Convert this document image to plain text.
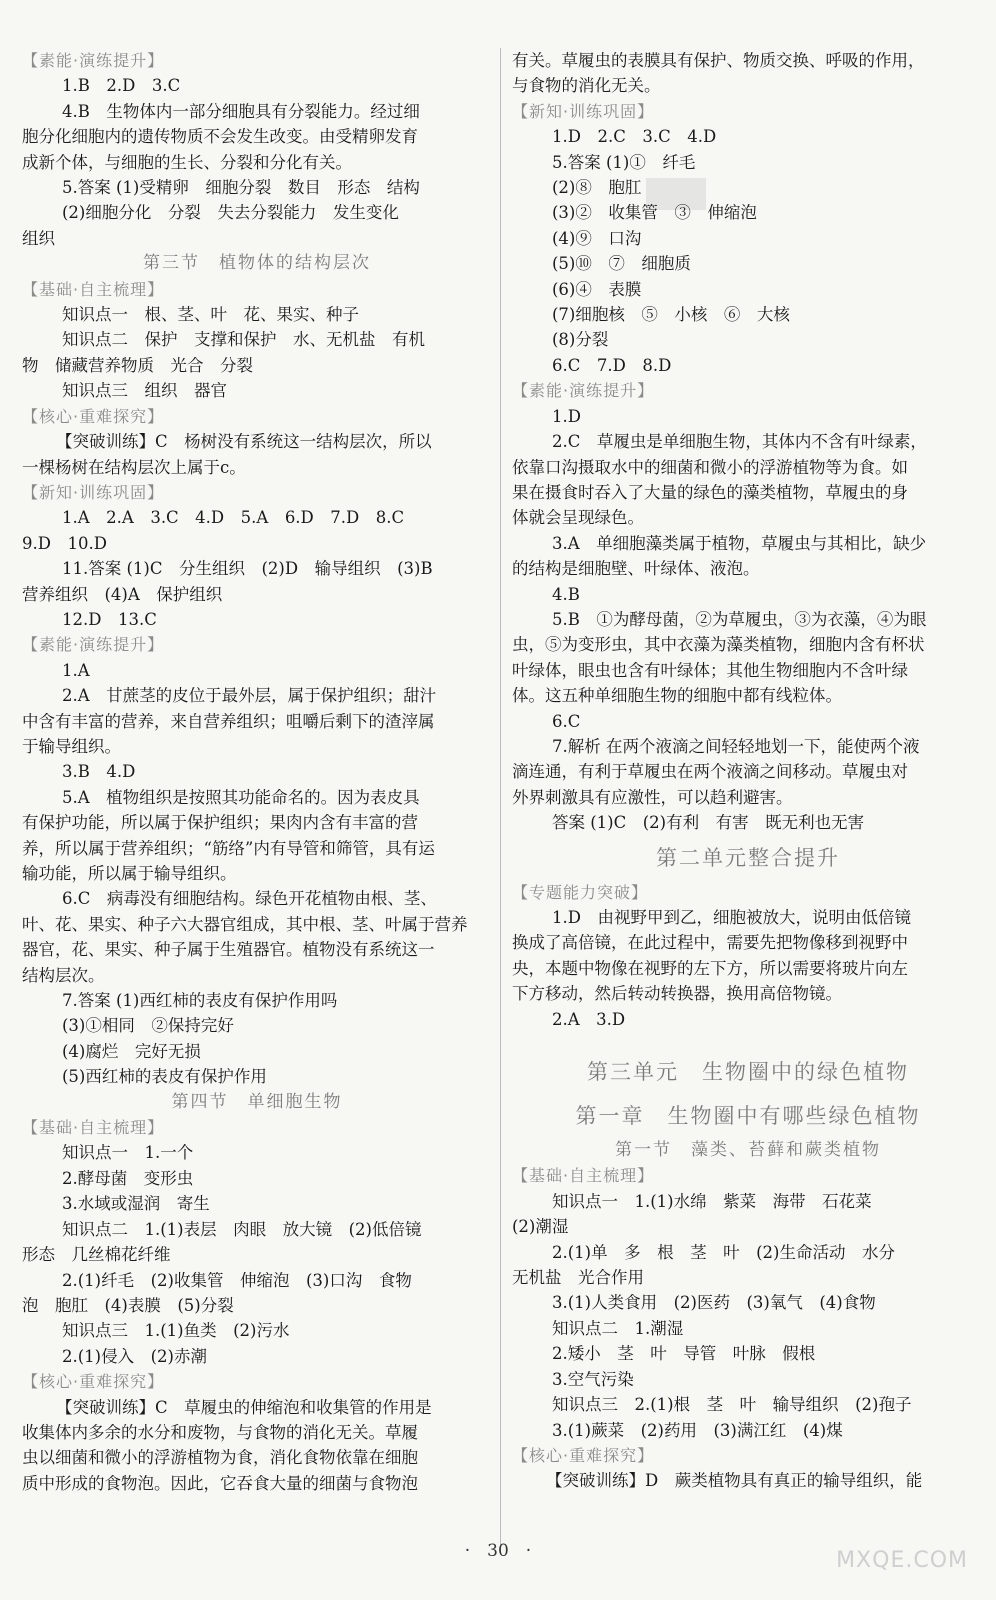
【素能·演练提升】
1.B　2.D　3.C
4.B　生物体内一部分细胞具有分裂能力。经过细
胞分化细胞内的遗传物质不会发生改变。由受精卵发育
成新个体，与细胞的生长、分裂和分化有关。
5.答案 (1)受精卵　细胞分裂　数目　形态　结构
(2)细胞分化　分裂　失去分裂能力　发生变化
组织
第三节　植物体的结构层次
【基础·自主梳理】
知识点一　根、茎、叶　花、果实、种子
知识点二　保护　支撑和保护　水、无机盐　有机
物　储藏营养物质　光合　分裂
知识点三　组织　器官
【核心·重难探究】
【突破训练】C　杨树没有系统这一结构层次，所以
一棵杨树在结构层次上属于c。
【新知·训练巩固】
1.A　2.A　3.C　4.D　5.A　6.D　7.D　8.C
9.D　10.D
11.答案 (1)C　分生组织　(2)D　输导组织　(3)B
营养组织　(4)A　保护组织
12.D　13.C
【素能·演练提升】
1.A
2.A　甘蔗茎的皮位于最外层，属于保护组织；甜汁
中含有丰富的营养，来自营养组织；咀嚼后剩下的渣滓属
于输导组织。
3.B　4.D
5.A　植物组织是按照其功能命名的。因为表皮具
有保护功能，所以属于保护组织；果肉内含有丰富的营
养，所以属于营养组织；“筋络”内有导管和筛管，具有运
输功能，所以属于输导组织。
6.C　病毒没有细胞结构。绿色开花植物由根、茎、
叶、花、果实、种子六大器官组成，其中根、茎、叶属于营养
器官，花、果实、种子属于生殖器官。植物没有系统这一
结构层次。
7.答案 (1)西红柿的表皮有保护作用吗
(3)①相同　②保持完好
(4)腐烂　完好无损
(5)西红柿的表皮有保护作用
第四节　单细胞生物
【基础·自主梳理】
知识点一　1.一个
2.酵母菌　变形虫
3.水域或湿润　寄生
知识点二　1.(1)表层　肉眼　放大镜　(2)低倍镜
形态　几丝棉花纤维
2.(1)纤毛　(2)收集管　伸缩泡　(3)口沟　食物
泡　胞肛　(4)表膜　(5)分裂
知识点三　1.(1)鱼类　(2)污水
2.(1)侵入　(2)赤潮
【核心·重难探究】
【突破训练】C　草履虫的伸缩泡和收集管的作用是
收集体内多余的水分和废物，与食物的消化无关。草履
虫以细菌和微小的浮游植物为食，消化食物依靠在细胞
质中形成的食物泡。因此，它吞食大量的细菌与食物泡
有关。草履虫的表膜具有保护、物质交换、呼吸的作用，
与食物的消化无关。
【新知·训练巩固】
1.D　2.C　3.C　4.D
5.答案 (1)①　纤毛
(2)⑧　胞肛
(3)②　收集管　③　伸缩泡
(4)⑨　口沟
(5)⑩　⑦　细胞质
(6)④　表膜
(7)细胞核　⑤　小核　⑥　大核
(8)分裂
6.C　7.D　8.D
【素能·演练提升】
1.D
2.C　草履虫是单细胞生物，其体内不含有叶绿素，
依靠口沟摄取水中的细菌和微小的浮游植物等为食。如
果在摄食时吞入了大量的绿色的藻类植物，草履虫的身
体就会呈现绿色。
3.A　单细胞藻类属于植物，草履虫与其相比，缺少
的结构是细胞壁、叶绿体、液泡。
4.B
5.B　①为酵母菌，②为草履虫，③为衣藻，④为眼
虫，⑤为变形虫，其中衣藻为藻类植物，细胞内含有杯状
叶绿体，眼虫也含有叶绿体；其他生物细胞内不含叶绿
体。这五种单细胞生物的细胞中都有线粒体。
6.C
7.解析 在两个液滴之间轻轻地划一下，能使两个液
滴连通，有利于草履虫在两个液滴之间移动。草履虫对
外界刺激具有应激性，可以趋利避害。
答案 (1)C　(2)有利　有害　既无利也无害
第二单元整合提升
【专题能力突破】
1.D　由视野甲到乙，细胞被放大，说明由低倍镜
换成了高倍镜，在此过程中，需要先把物像移到视野中
央，本题中物像在视野的左下方，所以需要将玻片向左
下方移动，然后转动转换器，换用高倍物镜。
2.A　3.D
第三单元　生物圈中的绿色植物
第一章　生物圈中有哪些绿色植物
第一节　藻类、苔藓和蕨类植物
【基础·自主梳理】
知识点一　1.(1)水绵　紫菜　海带　石花菜
(2)潮湿
2.(1)单　多　根　茎　叶　(2)生命活动　水分
无机盐　光合作用
3.(1)人类食用　(2)医药　(3)氧气　(4)食物
知识点二　1.潮湿
2.矮小　茎　叶　导管　叶脉　假根
3.空气污染
知识点三　2.(1)根　茎　叶　输导组织　(2)孢子
3.(1)蕨菜　(2)药用　(3)满江红　(4)煤
【核心·重难探究】
【突破训练】D　蕨类植物具有真正的输导组织，能
·　30　·	MXQE.COM
